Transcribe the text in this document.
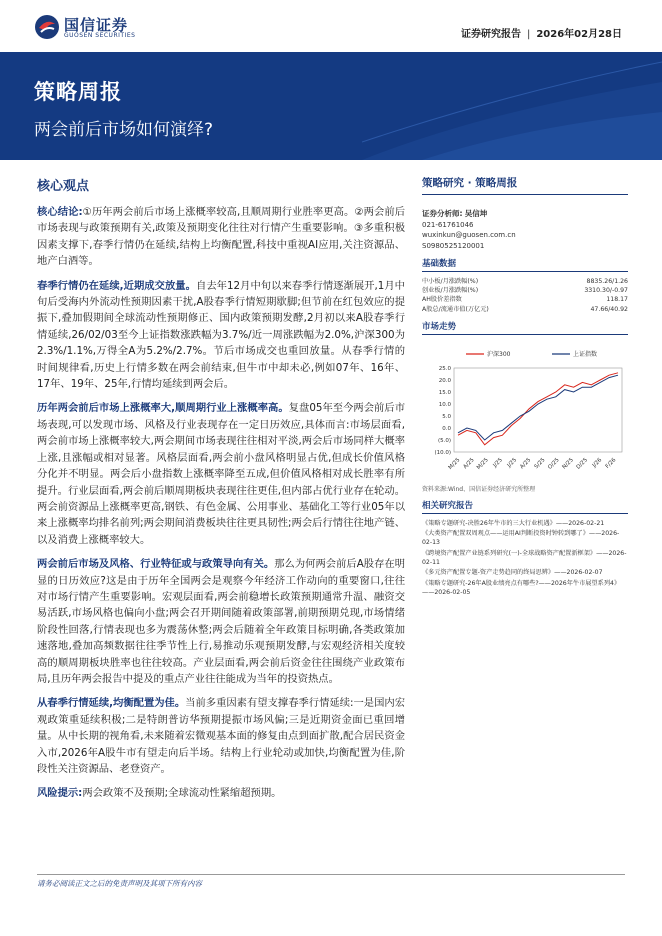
国信证券
GUOSEN SECURITIES	证券研究报告 | 2026年02月28日
策略周报
两会前后市场如何演绎?
核心观点

核心结论:①历年两会前后市场上涨概率较高,且顺周期行业胜率更高。②两会前后市场表现与政策预期有关,政策及预期变化往往对行情产生重要影响。③多重积极因素支撑下,春季行情仍在延续,结构上均衡配置,科技中重视AI应用,关注资源品、地产白酒等。

春季行情仍在延续,近期成交放量。自去年12月中旬以来春季行情逐渐展开,1月中旬后受海内外流动性预期因素干扰,A股春季行情短期歇脚;但节前在红包效应的提振下,叠加假期间全球流动性预期修正、国内政策预期发酵,2月初以来A股春季行情延续,26/02/03至今上证指数涨跌幅为3.7%/近一周涨跌幅为2.0%,沪深300为2.3%/1.1%,万得全A为5.2%/2.7%。节后市场成交也重回放量。从春季行情的时间规律看,历史上行情多数在两会前结束,但牛市中却未必,例如07年、16年、17年、19年、25年,行情均延续到两会后。

历年两会前后市场上涨概率大,顺周期行业上涨概率高。复盘05年至今两会前后市场表现,可以发现市场、风格及行业表现存在一定日历效应,具体而言:市场层面看,两会前市场上涨概率较大,两会期间市场表现往往相对平淡,两会后市场同样大概率上涨,且涨幅或相对显著。风格层面看,两会前小盘风格明显占优,但成长价值风格分化并不明显。两会后小盘指数上涨概率降至五成,但价值风格相对成长胜率有所提升。行业层面看,两会前后顺周期板块表现往往更佳,但内部占优行业存在轮动。两会前资源品上涨概率更高,钢铁、有色金属、公用事业、基础化工等行业05年以来上涨概率均排名前列;两会期间消费板块往往更具韧性;两会后行情往往地产链、以及消费上涨概率较大。

两会前后市场及风格、行业特征或与政策导向有关。那么为何两会前后A股存在明显的日历效应?这是由于历年全国两会是观察今年经济工作动向的重要窗口,往往对市场行情产生重要影响。宏观层面看,两会前稳增长政策预期通常升温、融资交易活跃,市场风格也偏向小盘;两会召开期间随着政策部署,前期预期兑现,市场情绪阶段性回落,行情表现也多为震荡休整;两会后随着全年政策目标明确,各类政策加速落地,叠加高频数据往往季节性上行,易推动乐观预期发酵,与宏观经济相关度较高的顺周期板块胜率也往往较高。产业层面看,两会前后资金往往围绕产业政策布局,且历年两会报告中提及的重点产业往往能成为当年的投资热点。

从春季行情延续,均衡配置为佳。当前多重因素有望支撑春季行情延续:一是国内宏观政策重延续积极;二是特朗普访华预期提振市场风偏;三是近期资金面已重回增量。从中长期的视角看,未来随着宏微观基本面的修复由点到面扩散,配合居民资金入市,2026年A股牛市有望走向后半场。结构上行业轮动或加快,均衡配置为佳,阶段性关注资源品、老登资产。

风险提示:两会政策不及预期;全球流动性紧缩超预期。

策略研究 · 策略周报
证券分析师: 吴信坤
021-61761046
wuxinkun@guosen.com.cn
S0980525120001
基础数据
中小板/月涨跌幅(%)	8835.26/1.26
创业板/月涨跌幅(%)	3310.30/-0.97
AH股价差指数	118.17
A股总/流通市值(万亿元)	47.66/40.92
市场走势
25.0
20.0
15.0
10.0
5.0
0.0
(5.0)
(10.0)
M/25 A/25 M/25 J/25 J/25 A/25 S/25 O/25 N/25 D/25 J/26 F/26
沪深300	上证指数
资料来源:Wind、国信证券经济研究所整理
相关研究报告
《策略专题研究-决胜26年牛市的三大行业机遇》——2026-02-21
《大类资产配置双周观点——运用AI判断投资时钟转到哪了》——2026-02-13
《跨境资产配置产业链系列研究(一)-全球战略资产配置新框架》——2026-02-11
《多元资产配置专题-资产走势趋同的终局思辨》——2026-02-07
《策略专题研究-26年A股业绩亮点有哪些?——2026年牛市展望系列4》——2026-02-05
请务必阅读正文之后的免责声明及其项下所有内容
